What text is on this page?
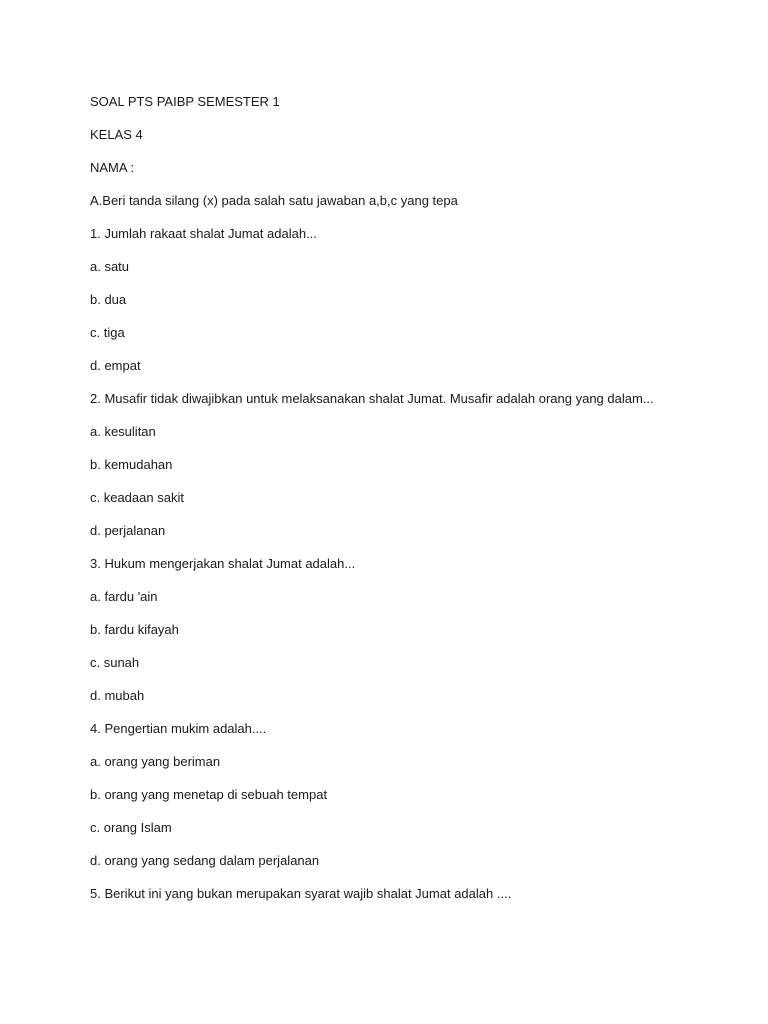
SOAL PTS PAIBP SEMESTER 1
KELAS 4
NAMA :
A.Beri tanda silang (x) pada salah satu jawaban a,b,c yang tepa
1. Jumlah rakaat shalat Jumat adalah...
a. satu
b. dua
c. tiga
d. empat
2. Musafir tidak diwajibkan untuk melaksanakan shalat Jumat. Musafir adalah orang yang dalam...
a. kesulitan
b. kemudahan
c. keadaan sakit
d. perjalanan
3. Hukum mengerjakan shalat Jumat adalah...
a. fardu 'ain
b. fardu kifayah
c. sunah
d. mubah
4. Pengertian mukim adalah....
a. orang yang beriman
b. orang yang menetap di sebuah tempat
c. orang Islam
d. orang yang sedang dalam perjalanan
5. Berikut ini yang bukan merupakan syarat wajib shalat Jumat adalah ....
